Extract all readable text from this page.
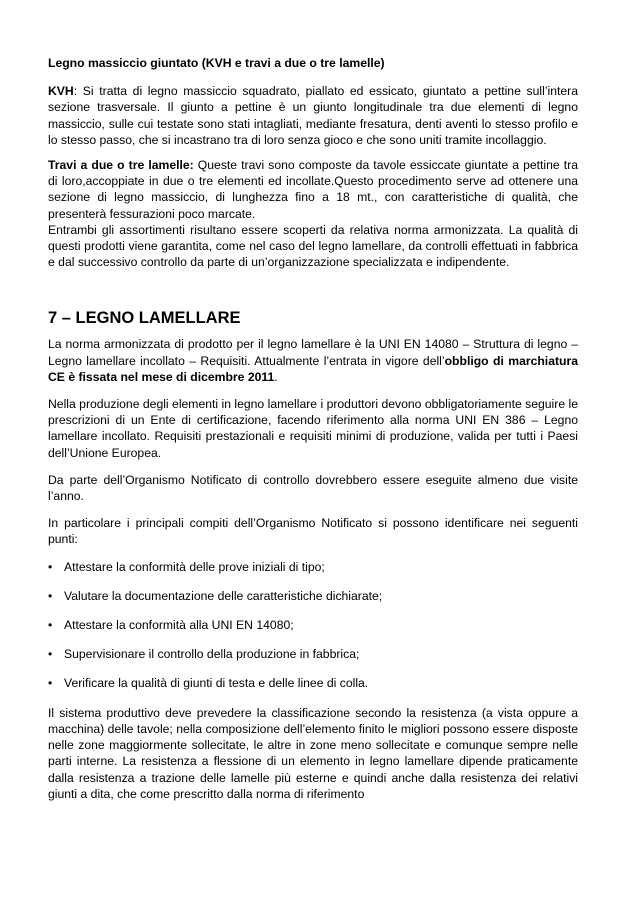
Legno massiccio giuntato (KVH e travi a due o tre lamelle)

KVH: Si tratta di legno massiccio squadrato, piallato ed essicato, giuntato a pettine sull’intera sezione trasversale. Il giunto a pettine è un giunto longitudinale tra due elementi di legno massiccio, sulle cui testate sono stati intagliati, mediante fresatura, denti aventi lo stesso profilo e lo stesso passo, che si incastrano tra di loro senza gioco e che sono uniti tramite incollaggio.

Travi a due o tre lamelle: Queste travi sono composte da tavole essiccate giuntate a pettine tra di loro,accoppiate in due o tre elementi ed incollate.Questo procedimento serve ad ottenere una sezione di legno massiccio, di lunghezza fino a 18 mt., con caratteristiche di qualità, che presenterà fessurazioni poco marcate.

Entrambi gli assortimenti risultano essere scoperti da relativa norma armonizzata. La qualità di questi prodotti viene garantita, come nel caso del legno lamellare, da controlli effettuati in fabbrica e dal successivo controllo da parte di un’organizzazione specializzata e indipendente.

7 – LEGNO LAMELLARE

La norma armonizzata di prodotto per il legno lamellare è la UNI EN 14080 – Struttura di legno – Legno lamellare incollato – Requisiti. Attualmente l’entrata in vigore dell’obbligo di marchiatura CE è fissata nel mese di dicembre 2011.

Nella produzione degli elementi in legno lamellare i produttori devono obbligatoriamente seguire le prescrizioni di un Ente di certificazione, facendo riferimento alla norma UNI EN 386 – Legno lamellare incollato. Requisiti prestazionali e requisiti minimi di produzione, valida per tutti i Paesi dell’Unione Europea.

Da parte dell’Organismo Notificato di controllo dovrebbero essere eseguite almeno due visite l’anno.

In particolare i principali compiti dell’Organismo Notificato si possono identificare nei seguenti punti:

• Attestare la conformità delle prove iniziali di tipo;
• Valutare la documentazione delle caratteristiche dichiarate;
• Attestare la conformità alla UNI EN 14080;
• Supervisionare il controllo della produzione in fabbrica;
• Verificare la qualità di giunti di testa e delle linee di colla.

Il sistema produttivo deve prevedere la classificazione secondo la resistenza (a vista oppure a macchina) delle tavole; nella composizione dell’elemento finito le migliori possono essere disposte nelle zone maggiormente sollecitate, le altre in zone meno sollecitate e comunque sempre nelle parti interne. La resistenza a flessione di un elemento in legno lamellare dipende praticamente dalla resistenza a trazione delle lamelle più esterne e quindi anche dalla resistenza dei relativi giunti a dita, che come prescritto dalla norma di riferimento
